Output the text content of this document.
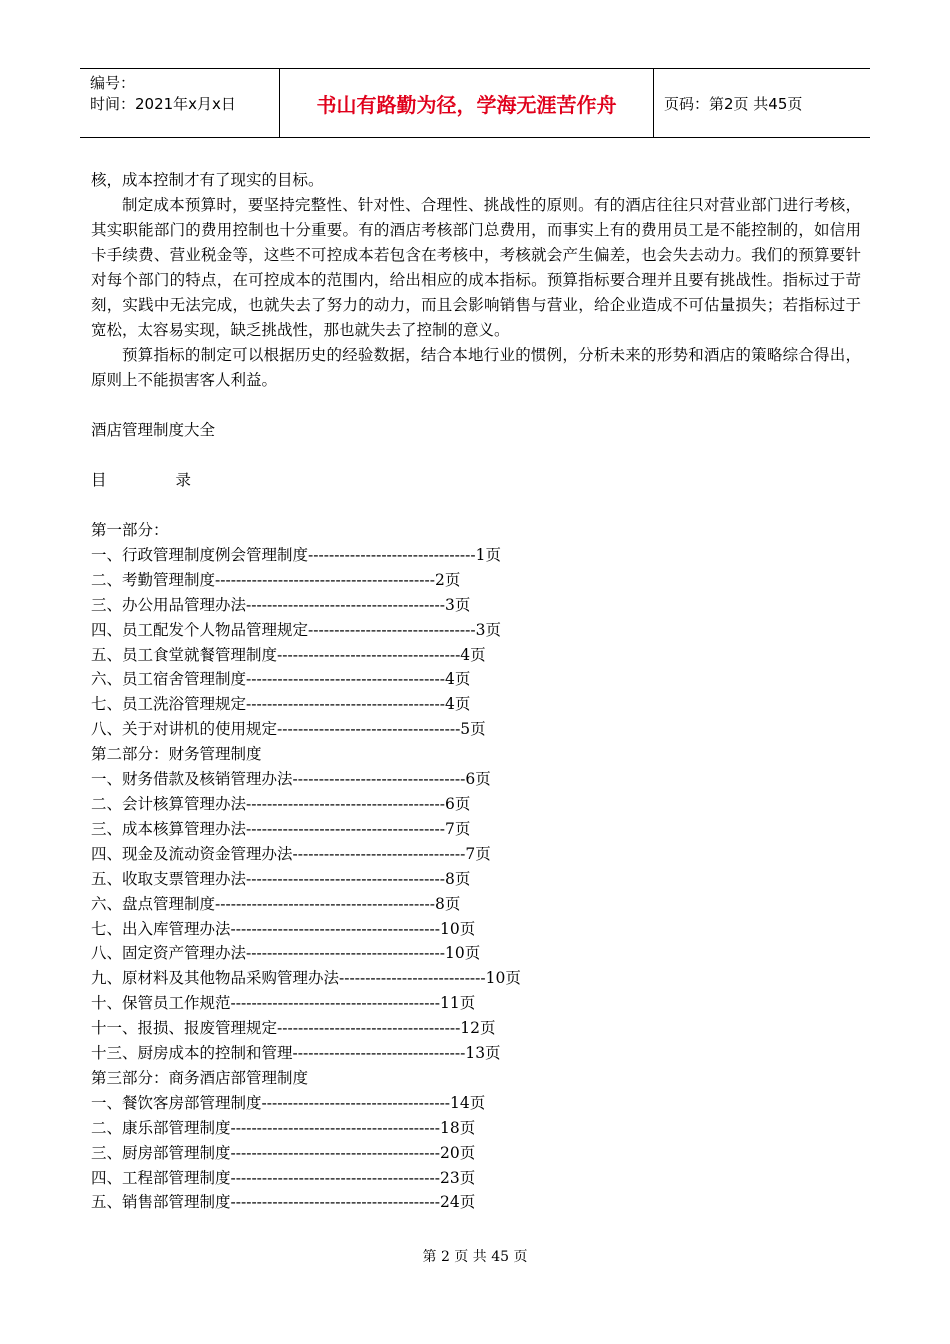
编号：
时间：2021年x月x日	书山有路勤为径，学海无涯苦作舟	页码：第2页 共45页

核，成本控制才有了现实的目标。

制定成本预算时，要坚持完整性、针对性、合理性、挑战性的原则。有的酒店往往只对营业部门进行考核，其实职能部门的费用控制也十分重要。有的酒店考核部门总费用，而事实上有的费用员工是不能控制的，如信用卡手续费、营业税金等，这些不可控成本若包含在考核中，考核就会产生偏差，也会失去动力。我们的预算要针对每个部门的特点，在可控成本的范围内，给出相应的成本指标。预算指标要合理并且要有挑战性。指标过于苛刻，实践中无法完成，也就失去了努力的动力，而且会影响销售与营业，给企业造成不可估量损失；若指标过于宽松，太容易实现，缺乏挑战性，那也就失去了控制的意义。

预算指标的制定可以根据历史的经验数据，结合本地行业的惯例，分析未来的形势和酒店的策略综合得出，原则上不能损害客人利益。

酒店管理制度大全

目              录

第一部分：
一、行政管理制度例会管理制度--------------------------------1页
二、考勤管理制度------------------------------------------2页
三、办公用品管理办法--------------------------------------3页
四、员工配发个人物品管理规定--------------------------------3页
五、员工食堂就餐管理制度-----------------------------------4页
六、员工宿舍管理制度--------------------------------------4页
七、员工洗浴管理规定--------------------------------------4页
八、关于对讲机的使用规定-----------------------------------5页
第二部分：财务管理制度
一、财务借款及核销管理办法---------------------------------6页
二、会计核算管理办法--------------------------------------6页
三、成本核算管理办法--------------------------------------7页
四、现金及流动资金管理办法---------------------------------7页
五、收取支票管理办法--------------------------------------8页
六、盘点管理制度------------------------------------------8页
七、出入库管理办法----------------------------------------10页
八、固定资产管理办法--------------------------------------10页
九、原材料及其他物品采购管理办法----------------------------10页
十、保管员工作规范----------------------------------------11页
十一、报损、报废管理规定-----------------------------------12页
十三、厨房成本的控制和管理---------------------------------13页
第三部分：商务酒店部管理制度
一、餐饮客房部管理制度------------------------------------14页
二、康乐部管理制度----------------------------------------18页
三、厨房部管理制度----------------------------------------20页
四、工程部管理制度----------------------------------------23页
五、销售部管理制度----------------------------------------24页
第 2 页 共 45 页
